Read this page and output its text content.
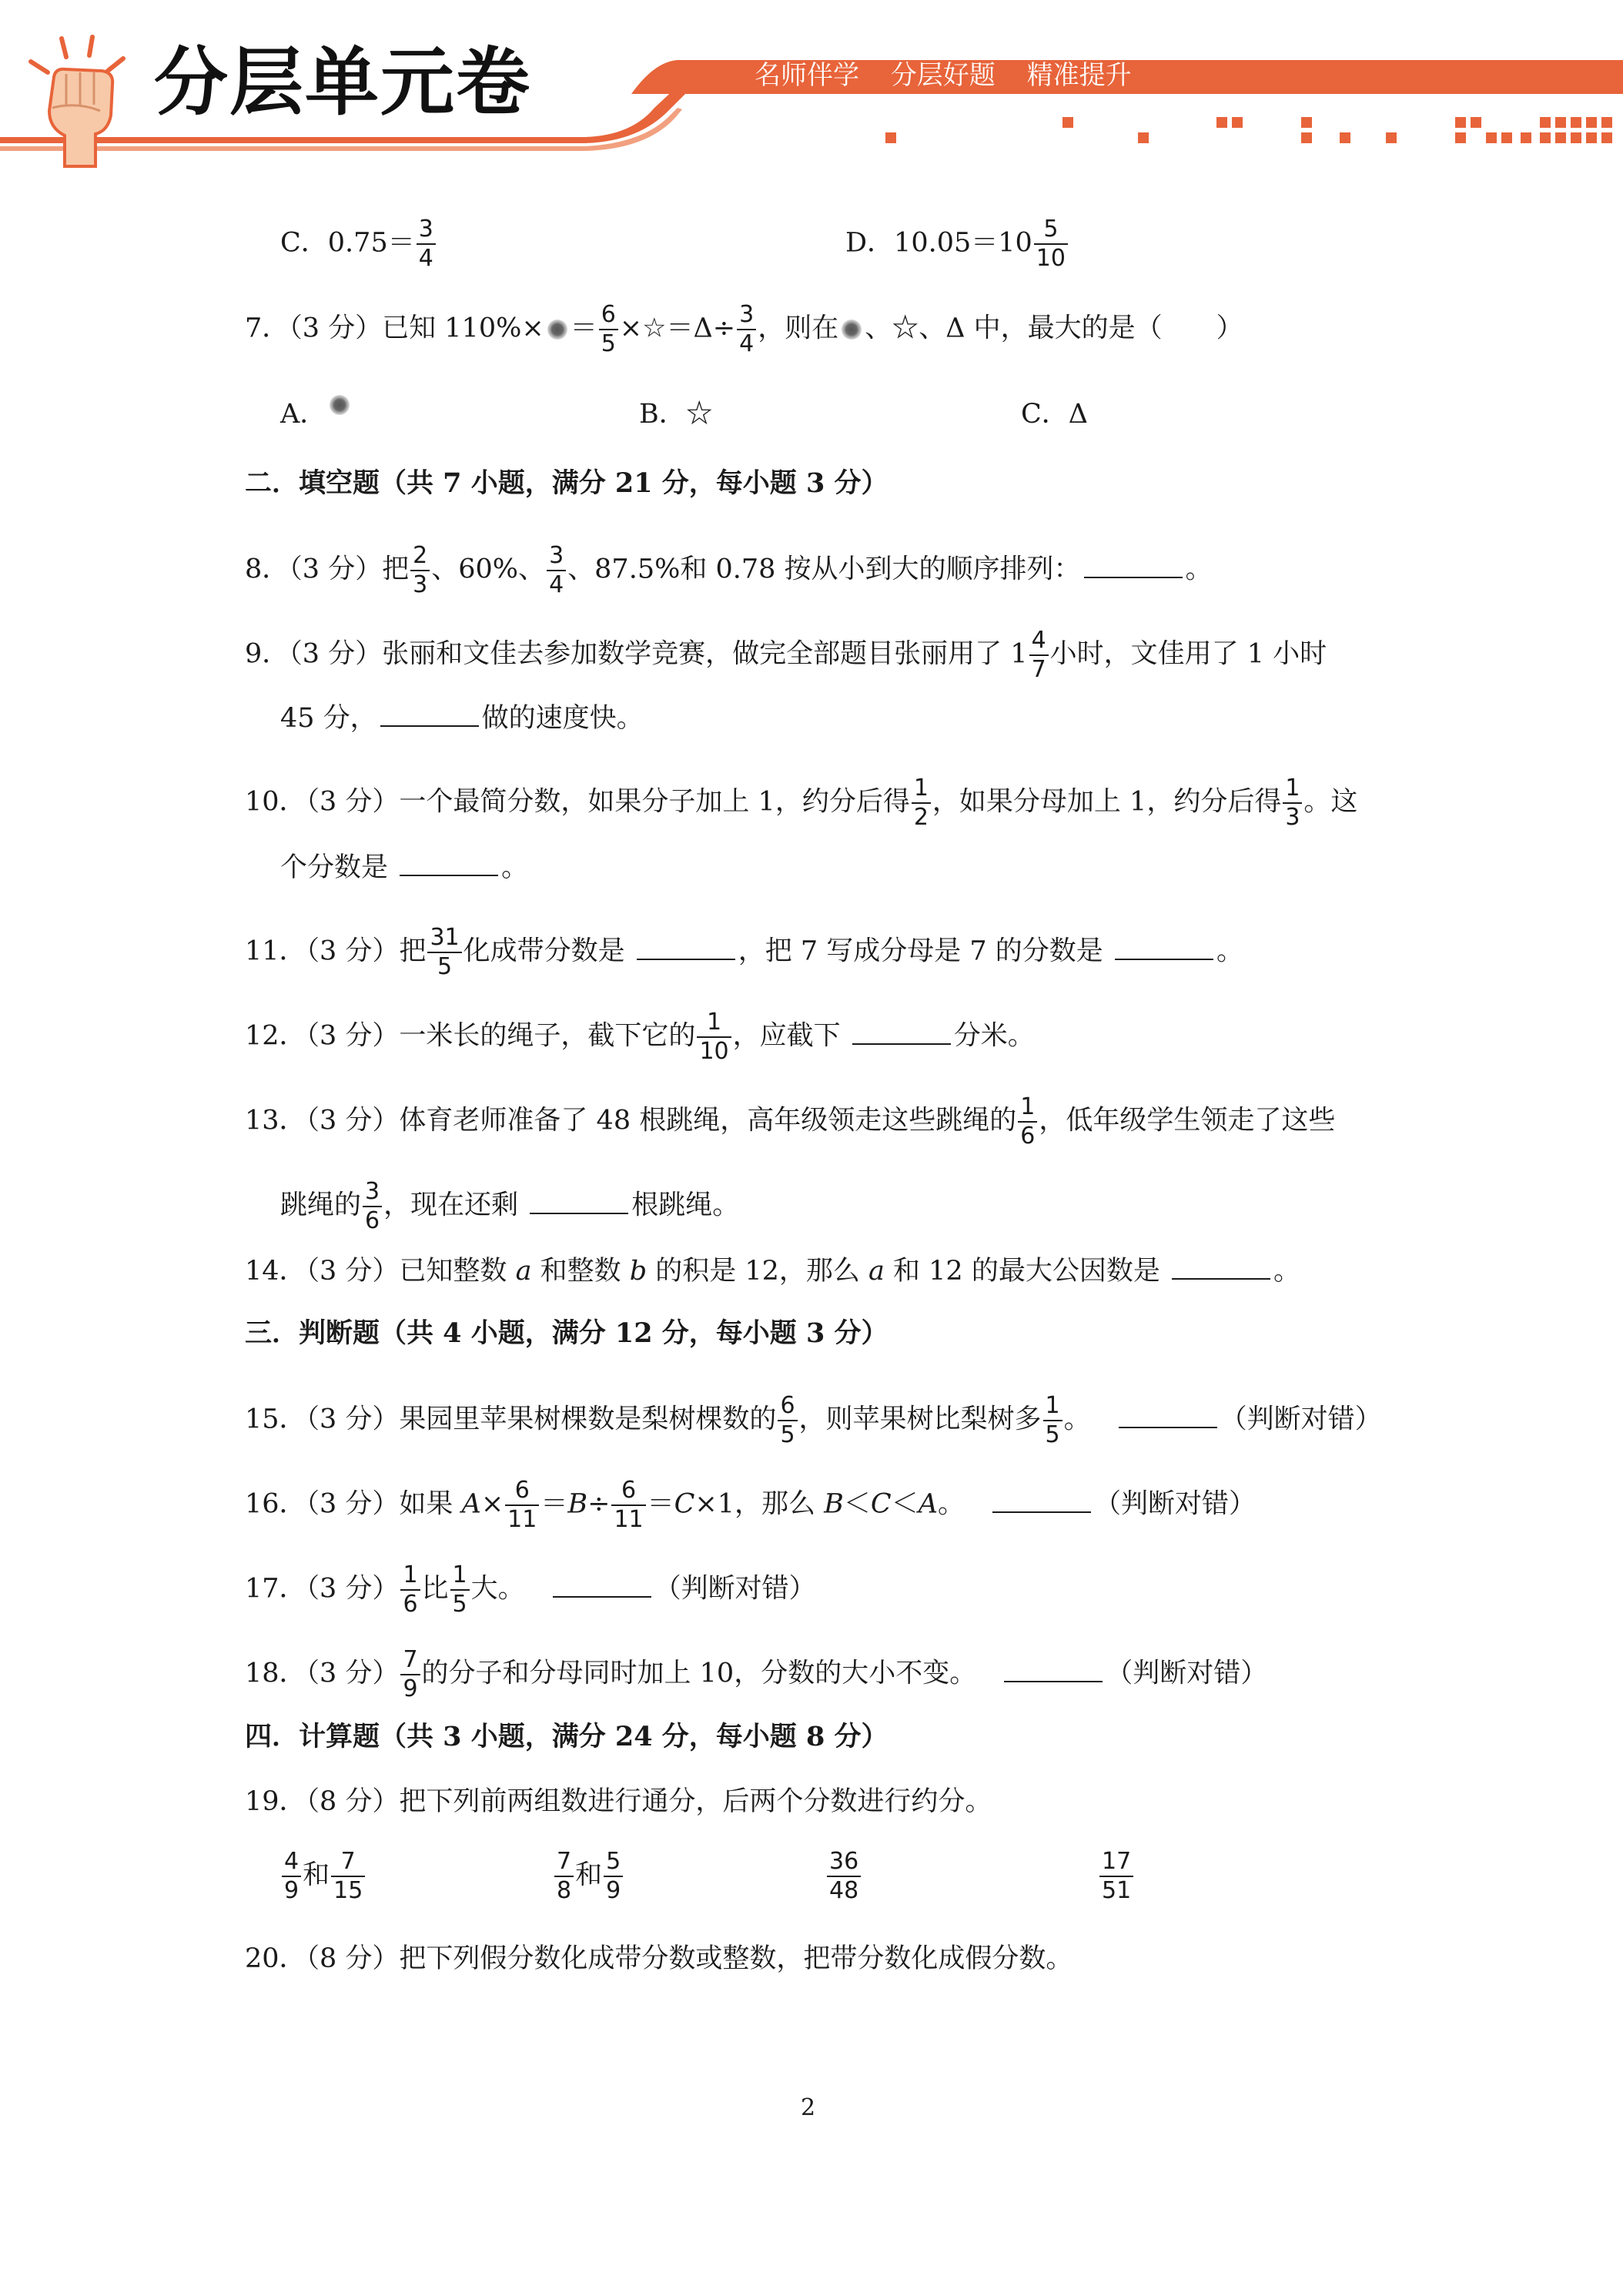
分层单元卷	名师伴学 分层好题 精准提升
C．$0.75= \frac{3}{4}$	D．$10.05=10 \frac{5}{10}$
7．（3 分）已知 $110\%\times = \frac{6}{5}$ ×☆＝Δ÷ $\frac{3}{4}$ ，则在 、☆、Δ 中，最大的是（　　）
A．	B．☆	C．Δ
二．填空题（共 7 小题，满分 21 分，每小题 3 分）
8．（3 分）把 $\frac{2}{3}$ 、60%、 $\frac{3}{4}$ 、87.5%和 0.78 按从小到大的顺序排列：	。
9．（3 分）张丽和文佳去参加数学竞赛，做完全部题目张丽用了 $1 \frac{4}{7}$ 小时，文佳用了 1 小时
45 分，	做的速度快。
10．（3 分）一个最简分数，如果分子加上 1，约分后得 $\frac{1}{2}$ ，如果分母加上 1，约分后得 $\frac{1}{3}$ 。这
个分数是	。
11．（3 分）把 $\frac{31}{5}$ 化成带分数是	，把 7 写成分母是 7 的分数是	。
12．（3 分）一米长的绳子，截下它的 $\frac{1}{10}$ ，应截下	分米。
13．（3 分）体育老师准备了 48 根跳绳，高年级领走这些跳绳的 $\frac{1}{6}$ ，低年级学生领走了这些
跳绳的 $\frac{3}{6}$ ，现在还剩	根跳绳。
14．（3 分）已知整数 a 和整数 b 的积是 12，那么 a 和 12 的最大公因数是	。
三．判断题（共 4 小题，满分 12 分，每小题 3 分）
15．（3 分）果园里苹果树棵数是梨树棵数的 $\frac{6}{5}$ ，则苹果树比梨树多 $\frac{1}{5}$ 。	（判断对错）
16．（3 分）如果 $A\times \frac{6}{11} =B\div \frac{6}{11} =C\times 1$，那么 B＜C＜A。	（判断对错）
17．（3 分） $\frac{1}{6}$ 比 $\frac{1}{5}$ 大。	（判断对错）
18．（3 分） $\frac{7}{9}$ 的分子和分母同时加上 10，分数的大小不变。	（判断对错）
四．计算题（共 3 小题，满分 24 分，每小题 8 分）
19．（8 分）把下列前两组数进行通分，后两个分数进行约分。
$\frac{4}{9}$ 和 $\frac{7}{15}$	$\frac{7}{8}$ 和 $\frac{5}{9}$	$\frac{36}{48}$	$\frac{17}{51}$
20．（8 分）把下列假分数化成带分数或整数，把带分数化成假分数。
2
